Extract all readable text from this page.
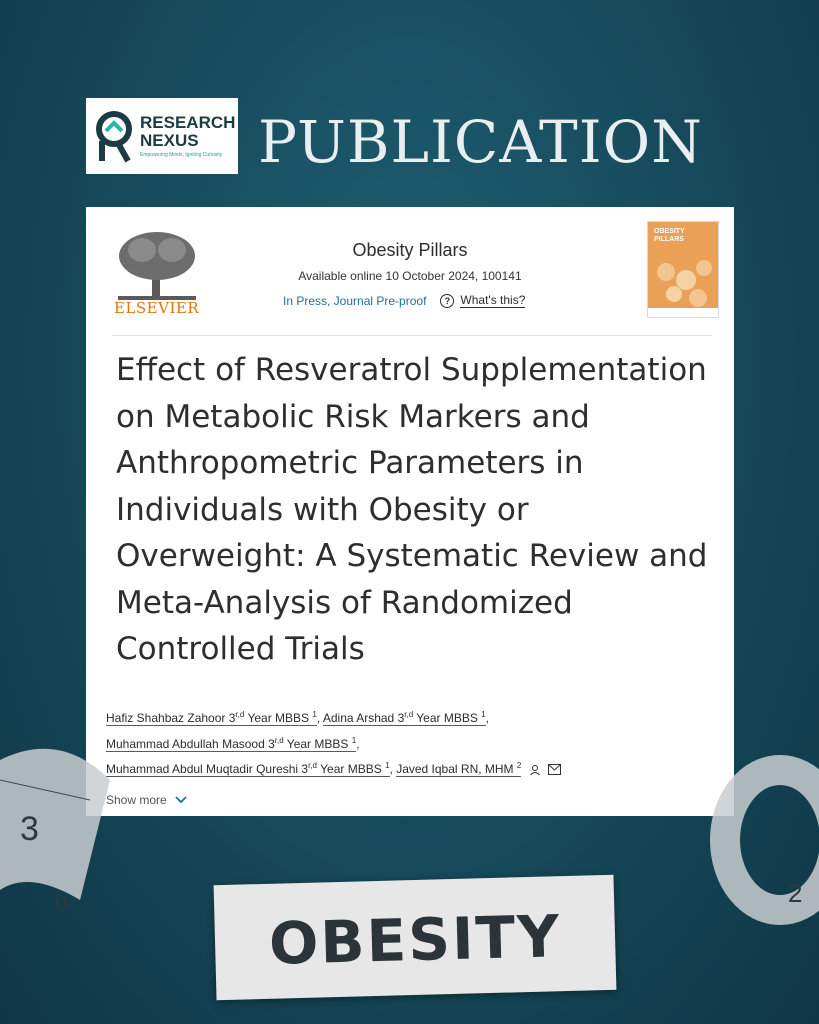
RESEARCH
NEXUS
Empowering Minds, Igniting Curiosity PUBLICATION
ELSEVIER
Obesity Pillars
Available online 10 October 2024, 100141
In Press, Journal Pre-proof	? What's this?
OBESITY PILLARS
Effect of Resveratrol Supplementation on Metabolic Risk Markers and Anthropometric Parameters in Individuals with Obesity or Overweight: A Systematic Review and Meta-Analysis of Randomized Controlled Trials
Hafiz Shahbaz Zahoor 3$^{r,d}$ Year MBBS $^1$, Adina Arshad 3$^{r,d}$ Year MBBS $^1$,
Muhammad Abdullah Masood 3$^{r,d}$ Year MBBS $^1$,
Muhammad Abdul Muqtadir Qureshi 3$^{r,d}$ Year MBBS $^1$, Javed Iqbal RN, MHM $^2$
Show more
3
0	2
OBESITY
